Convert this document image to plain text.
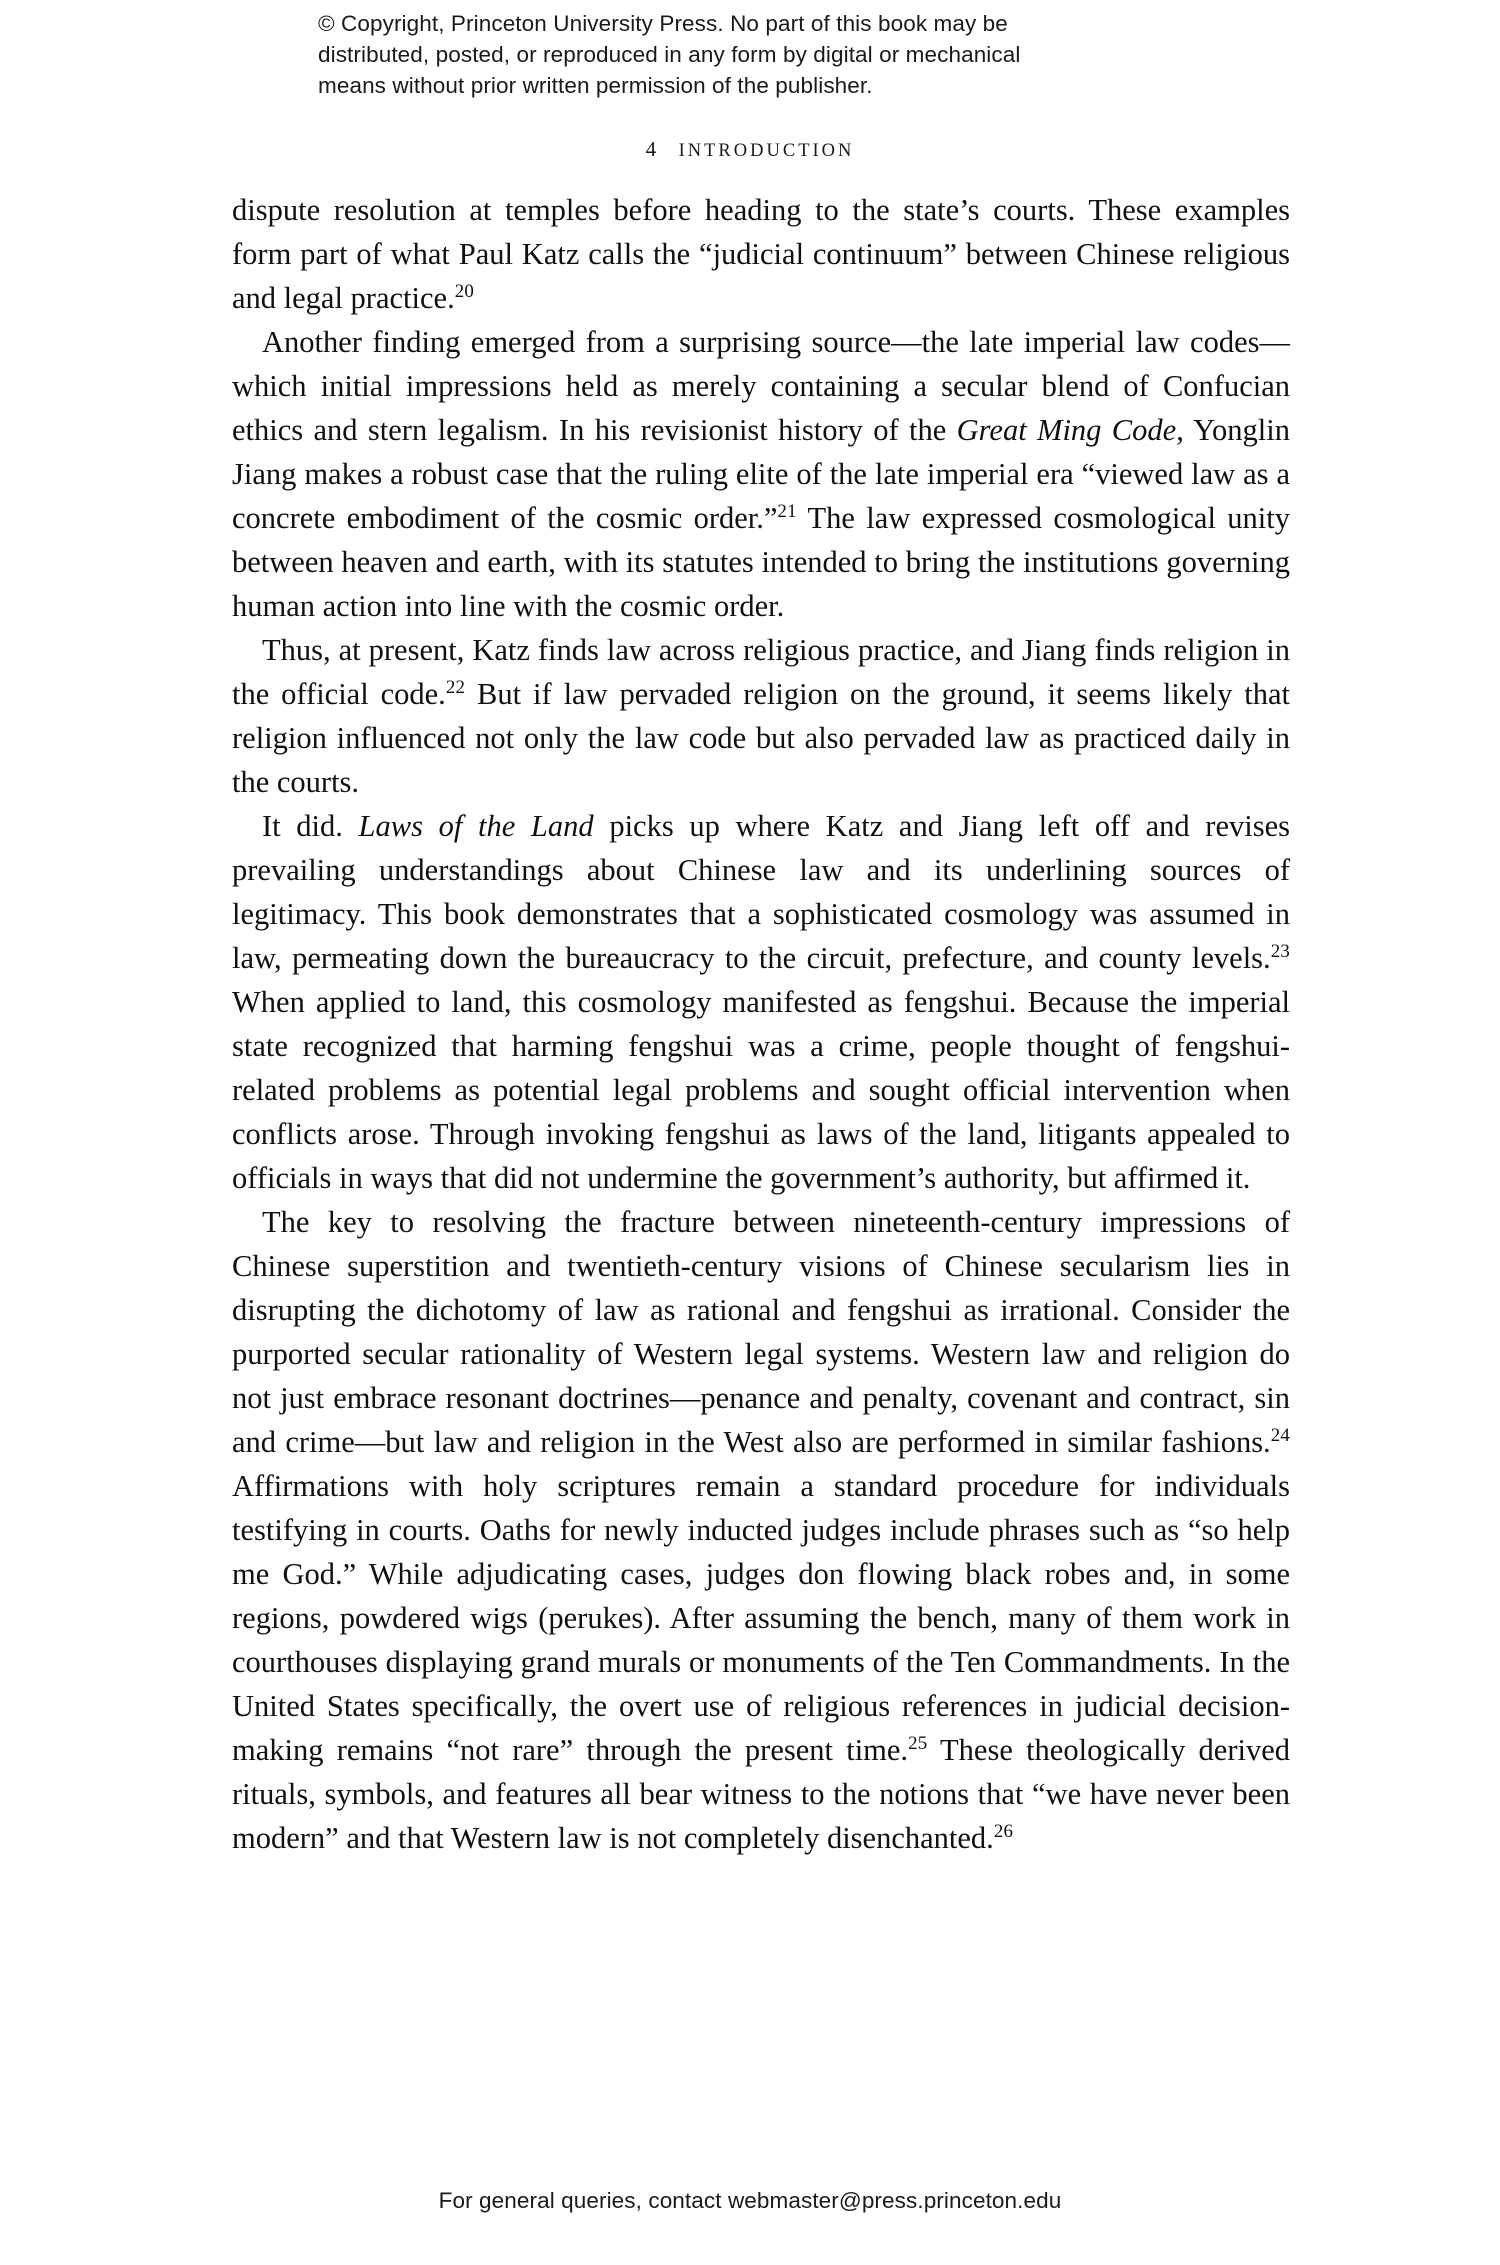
© Copyright, Princeton University Press. No part of this book may be
distributed, posted, or reproduced in any form by digital or mechanical
means without prior written permission of the publisher.
4 INTRODUCTION

dispute resolution at temples before heading to the state’s courts. These examples form part of what Paul Katz calls the “judicial continuum” between Chinese religious and legal practice.$^{20}$

Another finding emerged from a surprising source—the late imperial law codes—which initial impressions held as merely containing a secular blend of Confucian ethics and stern legalism. In his revisionist history of the Great Ming Code, Yonglin Jiang makes a robust case that the ruling elite of the late imperial era “viewed law as a concrete embodiment of the cosmic order.”$^{21}$ The law expressed cosmological unity between heaven and earth, with its statutes intended to bring the institutions governing human action into line with the cosmic order.

Thus, at present, Katz finds law across religious practice, and Jiang finds religion in the official code.$^{22}$ But if law pervaded religion on the ground, it seems likely that religion influenced not only the law code but also pervaded law as practiced daily in the courts.

It did. Laws of the Land picks up where Katz and Jiang left off and revises prevailing understandings about Chinese law and its underlining sources of legitimacy. This book demonstrates that a sophisticated cosmology was assumed in law, permeating down the bureaucracy to the circuit, prefecture, and county levels.$^{23}$ When applied to land, this cosmology manifested as fengshui. Because the imperial state recognized that harming fengshui was a crime, people thought of fengshui-related problems as potential legal problems and sought official intervention when conflicts arose. Through invoking fengshui as laws of the land, litigants appealed to officials in ways that did not undermine the government’s authority, but affirmed it.

The key to resolving the fracture between nineteenth-century impressions of Chinese superstition and twentieth-century visions of Chinese secularism lies in disrupting the dichotomy of law as rational and fengshui as irrational. Consider the purported secular rationality of Western legal systems. Western law and religion do not just embrace resonant doctrines—penance and penalty, covenant and contract, sin and crime—but law and religion in the West also are performed in similar fashions.$^{24}$ Affirmations with holy scriptures remain a standard procedure for individuals testifying in courts. Oaths for newly inducted judges include phrases such as “so help me God.” While adjudicating cases, judges don flowing black robes and, in some regions, powdered wigs (perukes). After assuming the bench, many of them work in courthouses displaying grand murals or monuments of the Ten Commandments. In the United States specifically, the overt use of religious references in judicial decision-making remains “not rare” through the present time.$^{25}$ These theologically derived rituals, symbols, and features all bear witness to the notions that “we have never been modern” and that Western law is not completely disenchanted.$^{26}$

For general queries, contact webmaster@press.princeton.edu
